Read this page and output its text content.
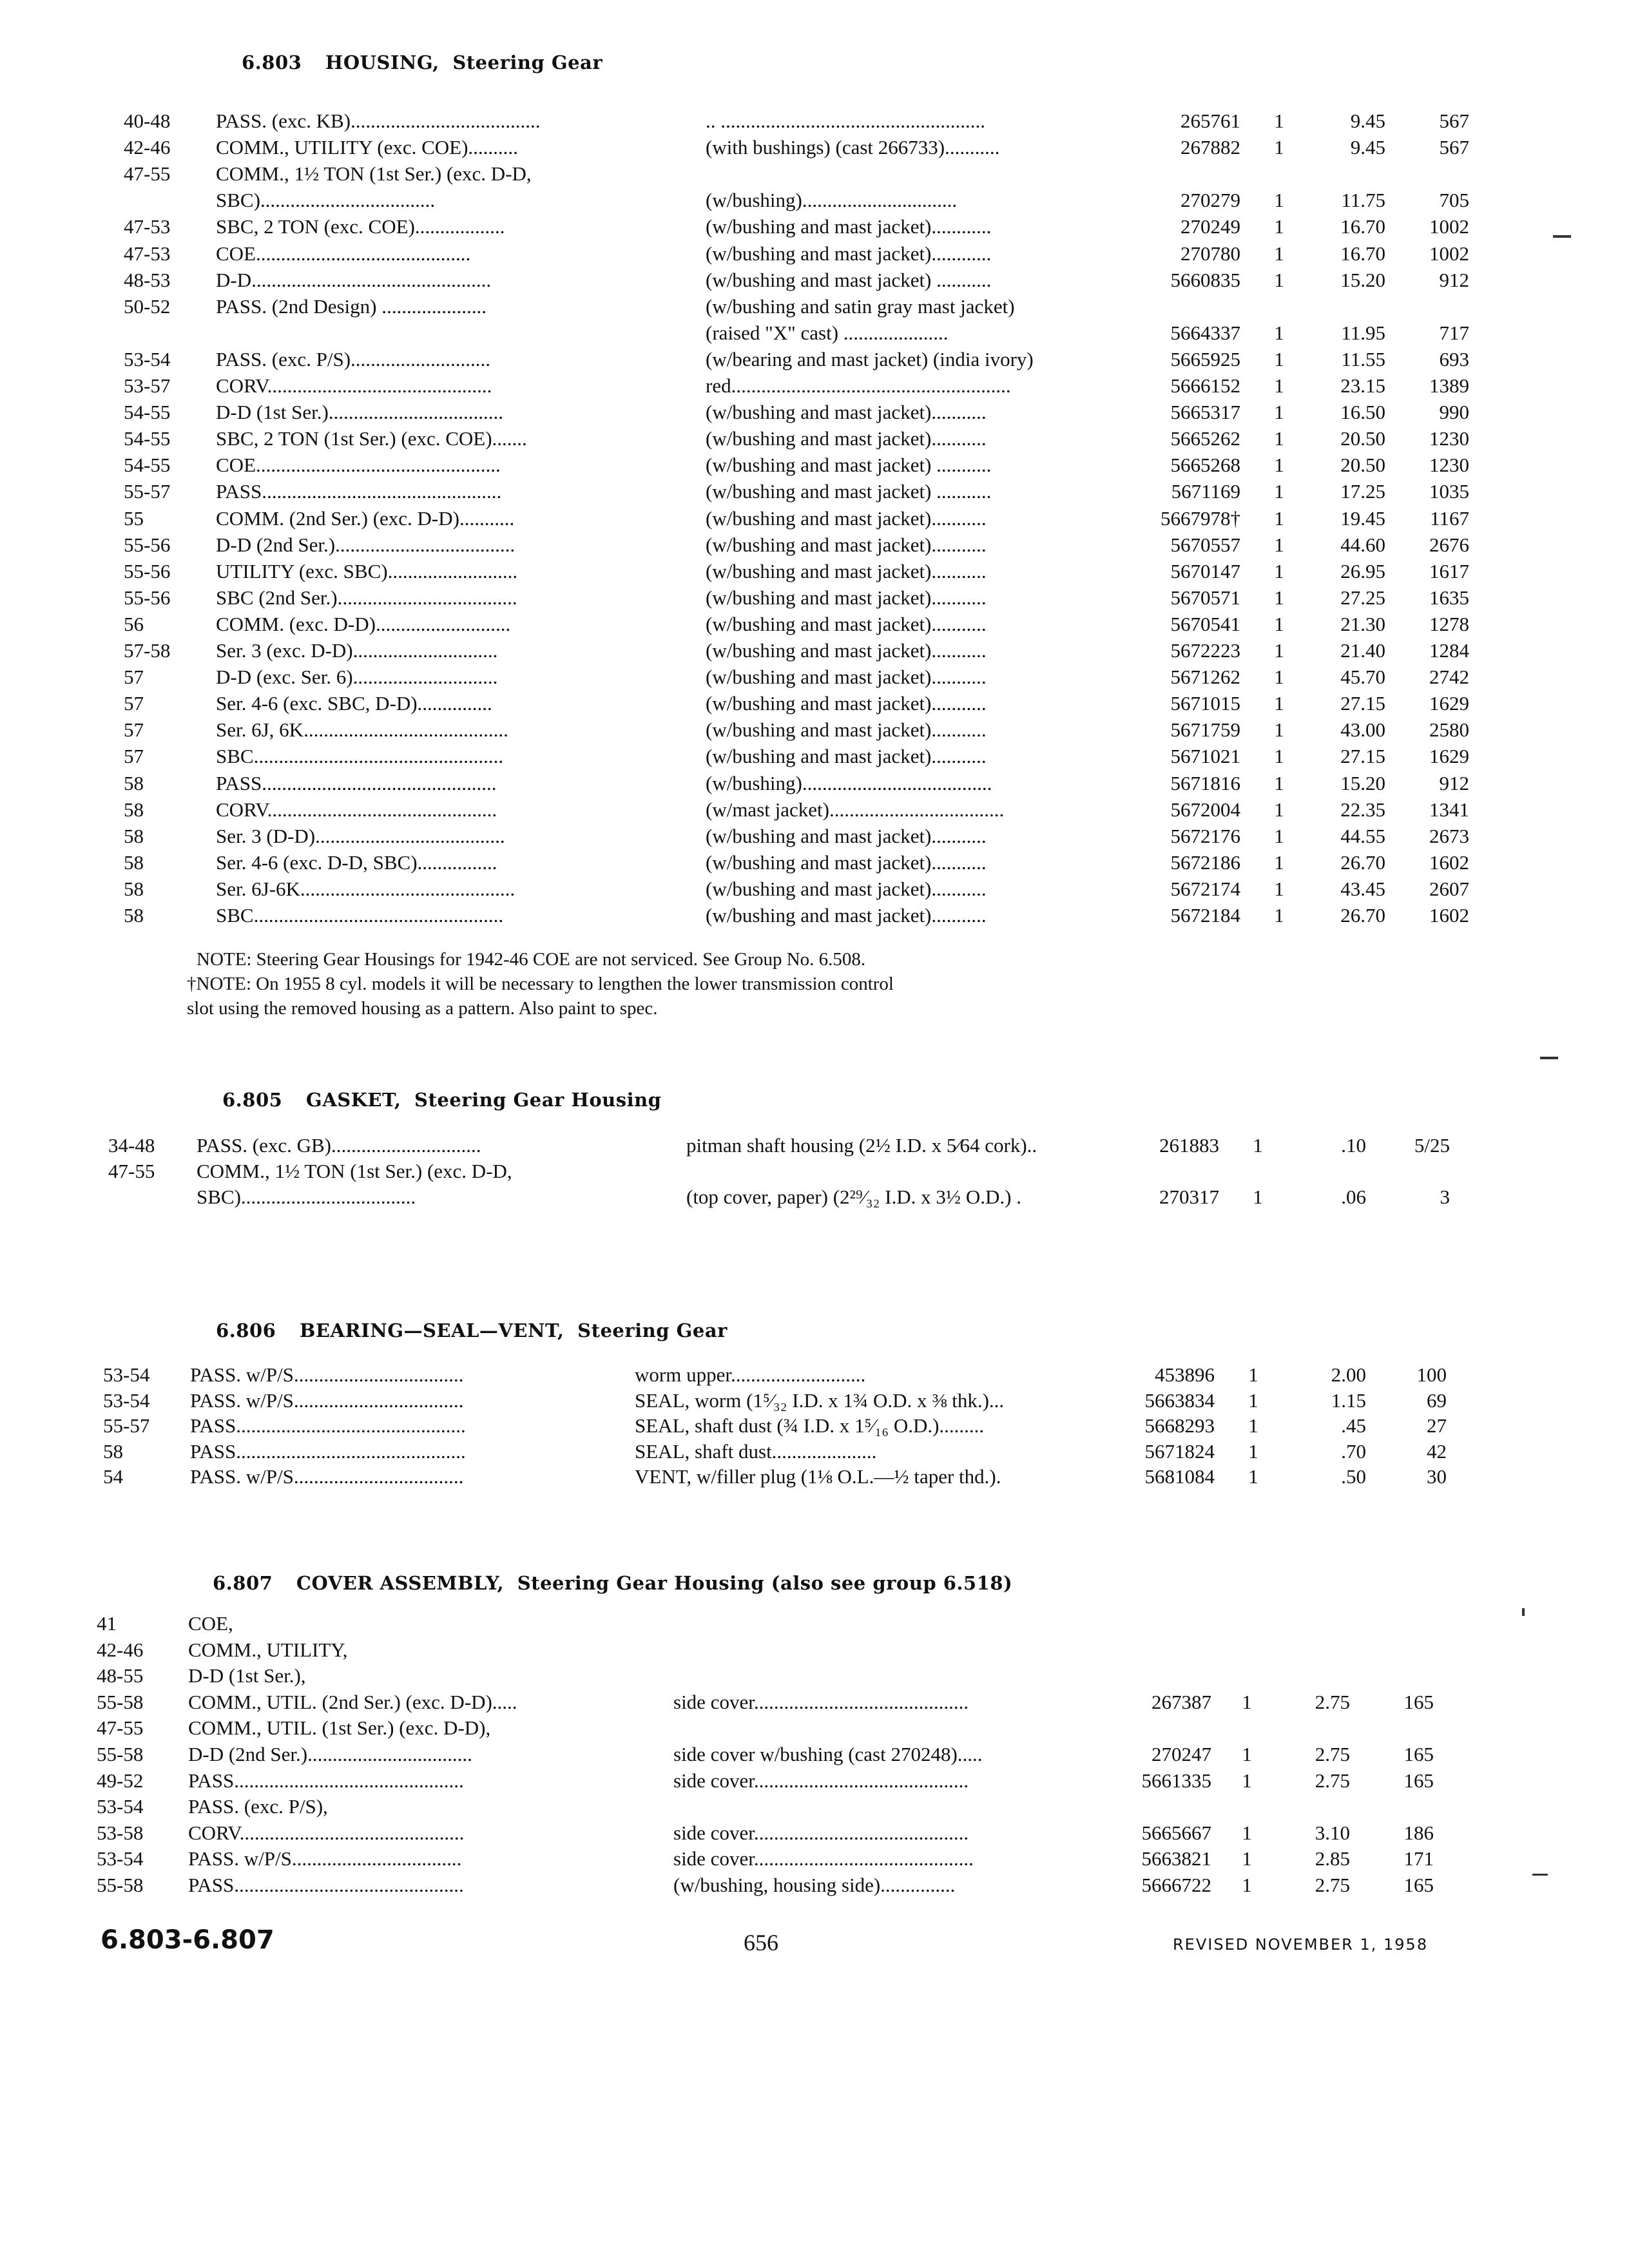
6.803 HOUSING, Steering Gear
40-48	PASS. (exc. KB)......................................	.. .....................................................	265761	1	9.45	567
42-46	COMM., UTILITY (exc. COE)..........	(with bushings) (cast 266733)...........	267882	1	9.45	567
47-55	COMM., 1½ TON (1st Ser.) (exc. D-D,
SBC)...................................	(w/bushing)...............................	270279	1	11.75	705
47-53	SBC, 2 TON (exc. COE)..................	(w/bushing and mast jacket)............	270249	1	16.70	1002
47-53	COE...........................................	(w/bushing and mast jacket)............	270780	1	16.70	1002
48-53	D-D................................................	(w/bushing and mast jacket) ...........	5660835	1	15.20	912
50-52	PASS. (2nd Design) .....................	(w/bushing and satin gray mast jacket)
(raised "X" cast) .....................	5664337	1	11.95	717
53-54	PASS. (exc. P/S)............................	(w/bearing and mast jacket) (india ivory)	5665925	1	11.55	693
53-57	CORV.............................................	red........................................................	5666152	1	23.15	1389
54-55	D-D (1st Ser.)...................................	(w/bushing and mast jacket)...........	5665317	1	16.50	990
54-55	SBC, 2 TON (1st Ser.) (exc. COE).......	(w/bushing and mast jacket)...........	5665262	1	20.50	1230
54-55	COE.................................................	(w/bushing and mast jacket) ...........	5665268	1	20.50	1230
55-57	PASS................................................	(w/bushing and mast jacket) ...........	5671169	1	17.25	1035
55	COMM. (2nd Ser.) (exc. D-D)...........	(w/bushing and mast jacket)...........	5667978†	1	19.45	1167
55-56	D-D (2nd Ser.)....................................	(w/bushing and mast jacket)...........	5670557	1	44.60	2676
55-56	UTILITY (exc. SBC)..........................	(w/bushing and mast jacket)...........	5670147	1	26.95	1617
55-56	SBC (2nd Ser.)....................................	(w/bushing and mast jacket)...........	5670571	1	27.25	1635
56	COMM. (exc. D-D)...........................	(w/bushing and mast jacket)...........	5670541	1	21.30	1278
57-58	Ser. 3 (exc. D-D).............................	(w/bushing and mast jacket)...........	5672223	1	21.40	1284
57	D-D (exc. Ser. 6).............................	(w/bushing and mast jacket)...........	5671262	1	45.70	2742
57	Ser. 4-6 (exc. SBC, D-D)...............	(w/bushing and mast jacket)...........	5671015	1	27.15	1629
57	Ser. 6J, 6K.........................................	(w/bushing and mast jacket)...........	5671759	1	43.00	2580
57	SBC..................................................	(w/bushing and mast jacket)...........	5671021	1	27.15	1629
58	PASS...............................................	(w/bushing)......................................	5671816	1	15.20	912
58	CORV..............................................	(w/mast jacket)...................................	5672004	1	22.35	1341
58	Ser. 3 (D-D)......................................	(w/bushing and mast jacket)...........	5672176	1	44.55	2673
58	Ser. 4-6 (exc. D-D, SBC)................	(w/bushing and mast jacket)...........	5672186	1	26.70	1602
58	Ser. 6J-6K...........................................	(w/bushing and mast jacket)...........	5672174	1	43.45	2607
58	SBC..................................................	(w/bushing and mast jacket)...........	5672184	1	26.70	1602
NOTE: Steering Gear Housings for 1942-46 COE are not serviced. See Group No. 6.508.
†NOTE: On 1955 8 cyl. models it will be necessary to lengthen the lower transmission control
slot using the removed housing as a pattern. Also paint to spec.
6.805 GASKET, Steering Gear Housing
34-48	PASS. (exc. GB)..............................	pitman shaft housing (2½ I.D. x 5⁄64 cork)..	261883	1	.10	5/25
47-55	COMM., 1½ TON (1st Ser.) (exc. D-D,
SBC)...................................	(top cover, paper) (2²⁹⁄₃₂ I.D. x 3½ O.D.) .	270317	1	.06	3
6.806 BEARING—SEAL—VENT, Steering Gear
53-54	PASS. w/P/S..................................	worm upper...........................	453896	1	2.00	100
53-54	PASS. w/P/S..................................	SEAL, worm (1⁵⁄₃₂ I.D. x 1¾ O.D. x ⅜ thk.)...	5663834	1	1.15	69
55-57	PASS..............................................	SEAL, shaft dust (¾ I.D. x 1⁵⁄₁₆ O.D.).........	5668293	1	.45	27
58	PASS..............................................	SEAL, shaft dust.....................	5671824	1	.70	42
54	PASS. w/P/S..................................	VENT, w/filler plug (1⅛ O.L.—½ taper thd.).	5681084	1	.50	30
6.807 COVER ASSEMBLY, Steering Gear Housing (also see group 6.518)
41	COE,
42-46	COMM., UTILITY,
48-55	D-D (1st Ser.),
55-58	COMM., UTIL. (2nd Ser.) (exc. D-D).....	side cover...........................................	267387	1	2.75	165
47-55	COMM., UTIL. (1st Ser.) (exc. D-D),
55-58	D-D (2nd Ser.).................................	side cover w/bushing (cast 270248).....	270247	1	2.75	165
49-52	PASS..............................................	side cover...........................................	5661335	1	2.75	165
53-54	PASS. (exc. P/S),
53-58	CORV.............................................	side cover...........................................	5665667	1	3.10	186
53-54	PASS. w/P/S..................................	side cover............................................	5663821	1	2.85	171
55-58	PASS..............................................	(w/bushing, housing side)...............	5666722	1	2.75	165
6.803-6.807	656	REVISED NOVEMBER 1, 1958
